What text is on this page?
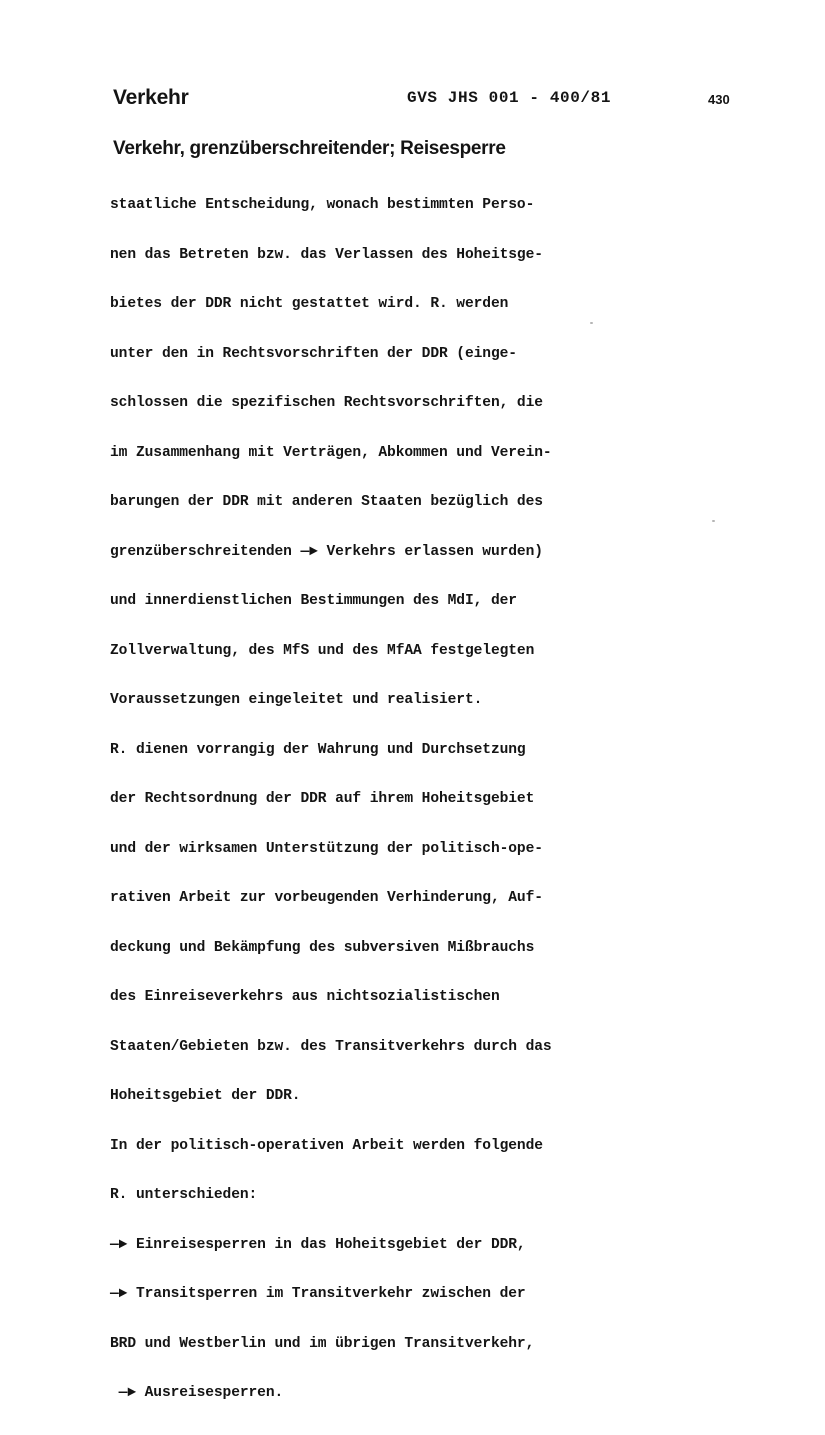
Verkehr	GVS JHS 001 - 400/81	430
Verkehr, grenzüberschreitender; Reisesperre

staatliche Entscheidung, wonach bestimmten Perso-

nen das Betreten bzw. das Verlassen des Hoheitsge-

bietes der DDR nicht gestattet wird. R. werden

unter den in Rechtsvorschriften der DDR (einge-

schlossen die spezifischen Rechtsvorschriften, die

im Zusammenhang mit Verträgen, Abkommen und Verein-

barungen der DDR mit anderen Staaten bezüglich des

grenzüberschreitenden —► Verkehrs erlassen wurden)

und innerdienstlichen Bestimmungen des MdI, der

Zollverwaltung, des MfS und des MfAA festgelegten

Voraussetzungen eingeleitet und realisiert.

R. dienen vorrangig der Wahrung und Durchsetzung

der Rechtsordnung der DDR auf ihrem Hoheitsgebiet

und der wirksamen Unterstützung der politisch-ope-

rativen Arbeit zur vorbeugenden Verhinderung, Auf-

deckung und Bekämpfung des subversiven Mißbrauchs

des Einreiseverkehrs aus nichtsozialistischen

Staaten/Gebieten bzw. des Transitverkehrs durch das

Hoheitsgebiet der DDR.

In der politisch-operativen Arbeit werden folgende

R. unterschieden:

—► Einreisesperren in das Hoheitsgebiet der DDR,

—► Transitsperren im Transitverkehr zwischen der

BRD und Westberlin und im übrigen Transitverkehr,

—► Ausreisesperren.
